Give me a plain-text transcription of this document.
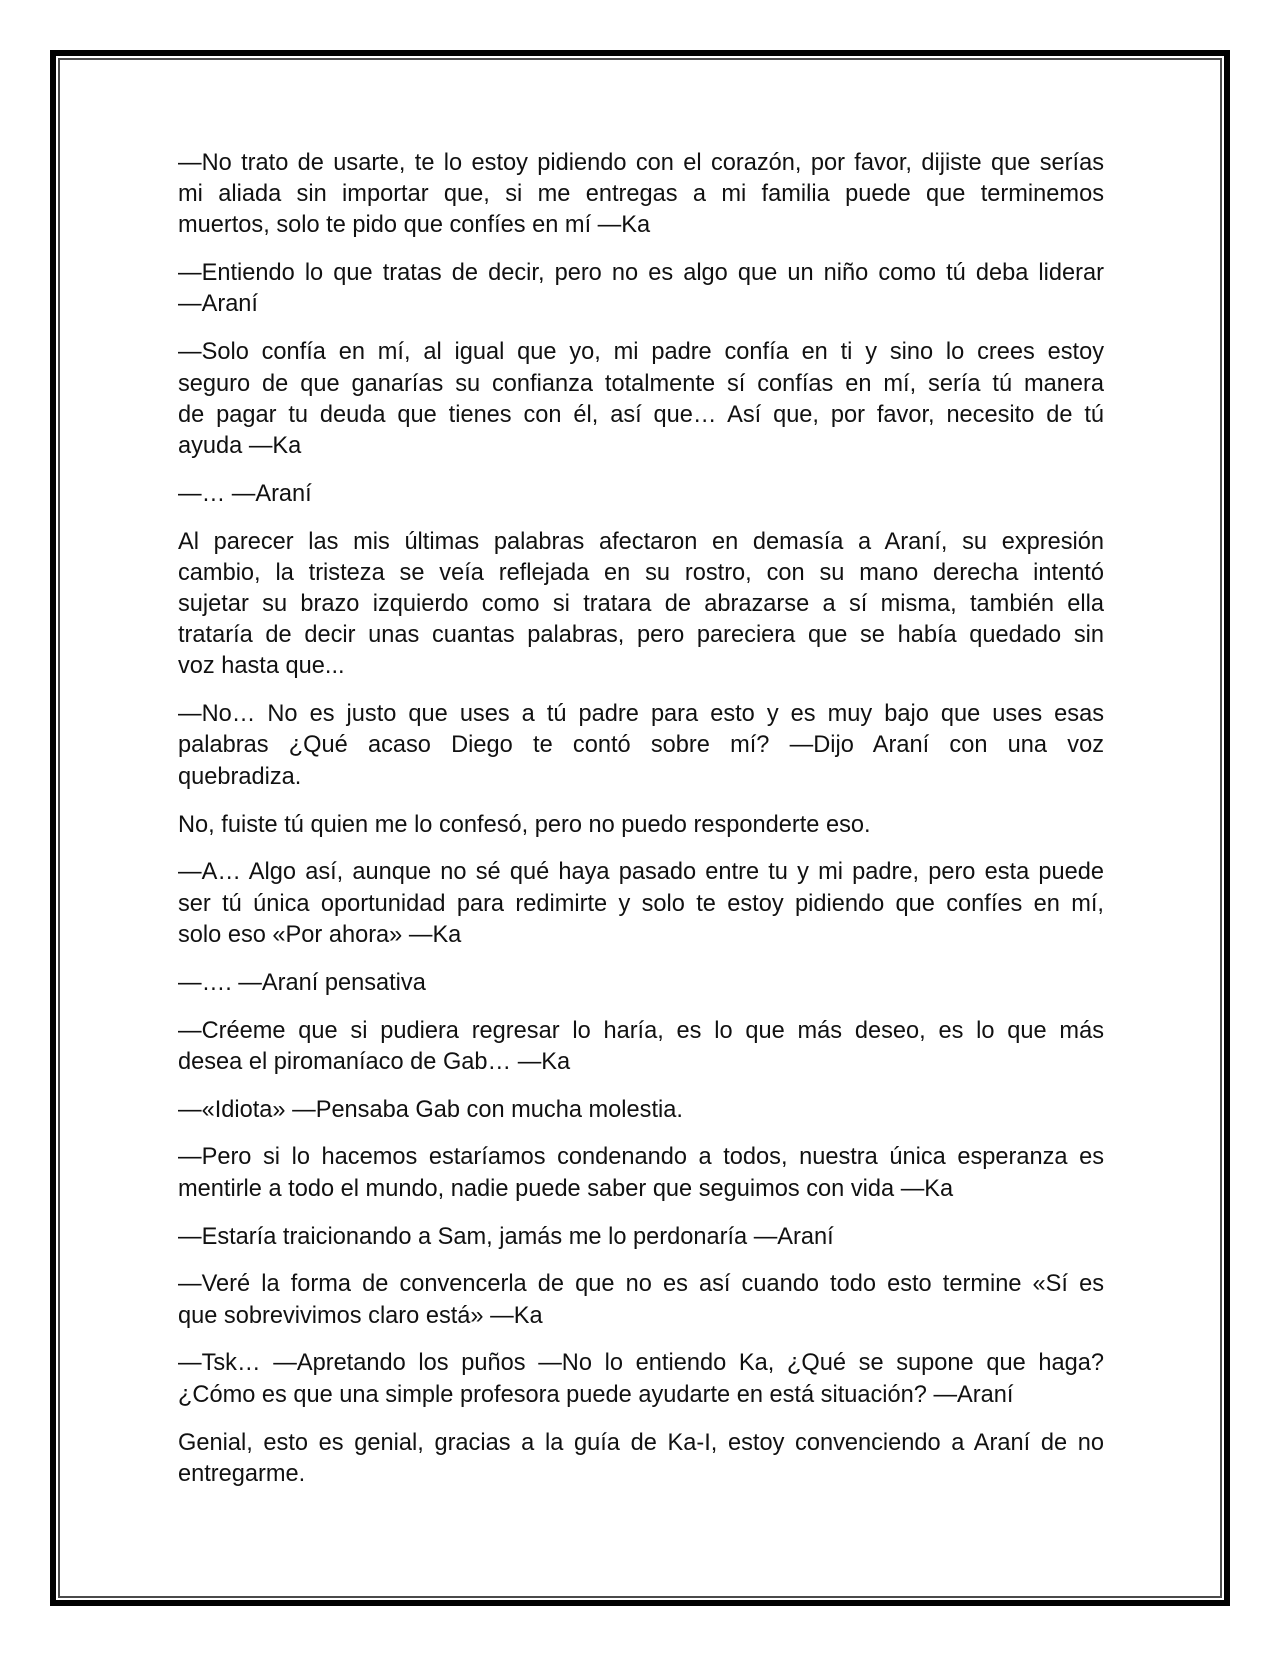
—No trato de usarte, te lo estoy pidiendo con el corazón, por favor, dijiste que serías
mi aliada sin importar que, si me entregas a mi familia puede que terminemos
muertos, solo te pido que confíes en mí —Ka
—Entiendo lo que tratas de decir, pero no es algo que un niño como tú deba liderar
—Araní
—Solo confía en mí, al igual que yo, mi padre confía en ti y sino lo crees estoy
seguro de que ganarías su confianza totalmente sí confías en mí, sería tú manera
de pagar tu deuda que tienes con él, así que… Así que, por favor, necesito de tú
ayuda —Ka
—… —Araní
Al parecer las mis últimas palabras afectaron en demasía a Araní, su expresión
cambio, la tristeza se veía reflejada en su rostro, con su mano derecha intentó
sujetar su brazo izquierdo como si tratara de abrazarse a sí misma, también ella
trataría de decir unas cuantas palabras, pero pareciera que se había quedado sin
voz hasta que...
—No… No es justo que uses a tú padre para esto y es muy bajo que uses esas
palabras ¿Qué acaso Diego te contó sobre mí? —Dijo Araní con una voz
quebradiza.
No, fuiste tú quien me lo confesó, pero no puedo responderte eso.
—A… Algo así, aunque no sé qué haya pasado entre tu y mi padre, pero esta puede
ser tú única oportunidad para redimirte y solo te estoy pidiendo que confíes en mí,
solo eso «Por ahora» —Ka
—…. —Araní pensativa
—Créeme que si pudiera regresar lo haría, es lo que más deseo, es lo que más
desea el piromaníaco de Gab… —Ka
—«Idiota» —Pensaba Gab con mucha molestia.
—Pero si lo hacemos estaríamos condenando a todos, nuestra única esperanza es
mentirle a todo el mundo, nadie puede saber que seguimos con vida —Ka
—Estaría traicionando a Sam, jamás me lo perdonaría —Araní
—Veré la forma de convencerla de que no es así cuando todo esto termine «Sí es
que sobrevivimos claro está» —Ka
—Tsk… —Apretando los puños —No lo entiendo Ka, ¿Qué se supone que haga?
¿Cómo es que una simple profesora puede ayudarte en está situación? —Araní
Genial, esto es genial, gracias a la guía de Ka-I, estoy convenciendo a Araní de no
entregarme.
